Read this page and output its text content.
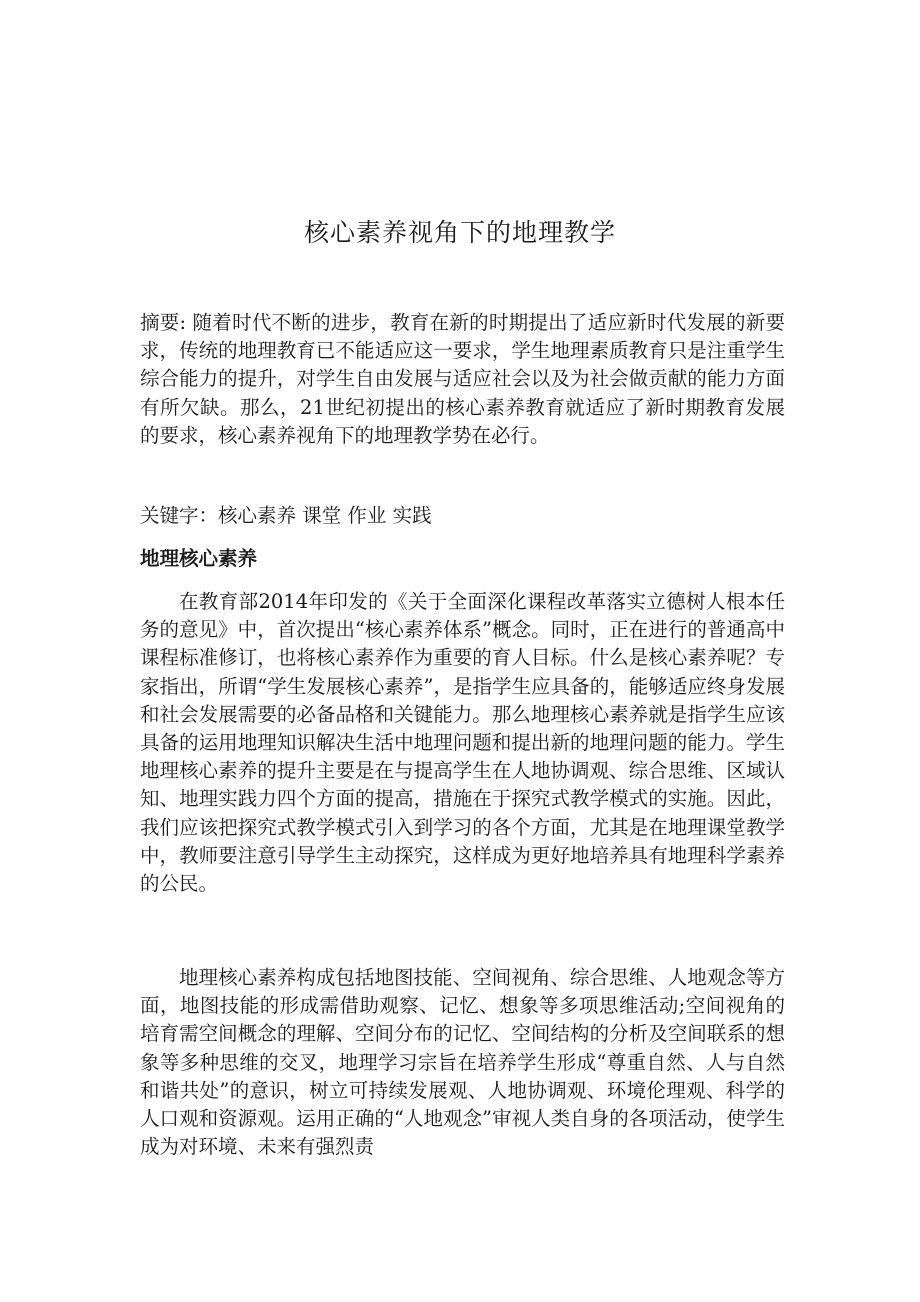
核心素养视角下的地理教学

摘要: 随着时代不断的进步，教育在新的时期提出了适应新时代发展的新要求，传统的地理教育已不能适应这一要求，学生地理素质教育只是注重学生综合能力的提升，对学生自由发展与适应社会以及为社会做贡献的能力方面有所欠缺。那么，21世纪初提出的核心素养教育就适应了新时期教育发展的要求，核心素养视角下的地理教学势在必行。

关键字：核心素养 课堂 作业 实践

地理核心素养

在教育部2014年印发的《关于全面深化课程改革落实立德树人根本任务的意见》中，首次提出“核心素养体系”概念。同时，正在进行的普通高中课程标准修订，也将核心素养作为重要的育人目标。什么是核心素养呢？专家指出，所谓“学生发展核心素养”，是指学生应具备的，能够适应终身发展和社会发展需要的必备品格和关键能力。那么地理核心素养就是指学生应该具备的运用地理知识解决生活中地理问题和提出新的地理问题的能力。学生地理核心素养的提升主要是在与提高学生在人地协调观、综合思维、区域认知、地理实践力四个方面的提高，措施在于探究式教学模式的实施。因此，我们应该把探究式教学模式引入到学习的各个方面，尤其是在地理课堂教学中，教师要注意引导学生主动探究，这样成为更好地培养具有地理科学素养的公民。

地理核心素养构成包括地图技能、空间视角、综合思维、人地观念等方面，地图技能的形成需借助观察、记忆、想象等多项思维活动;空间视角的培育需空间概念的理解、空间分布的记忆、空间结构的分析及空间联系的想象等多种思维的交叉，地理学习宗旨在培养学生形成“尊重自然、人与自然和谐共处”的意识，树立可持续发展观、人地协调观、环境伦理观、科学的人口观和资源观。运用正确的“人地观念”审视人类自身的各项活动，使学生成为对环境、未来有强烈责
